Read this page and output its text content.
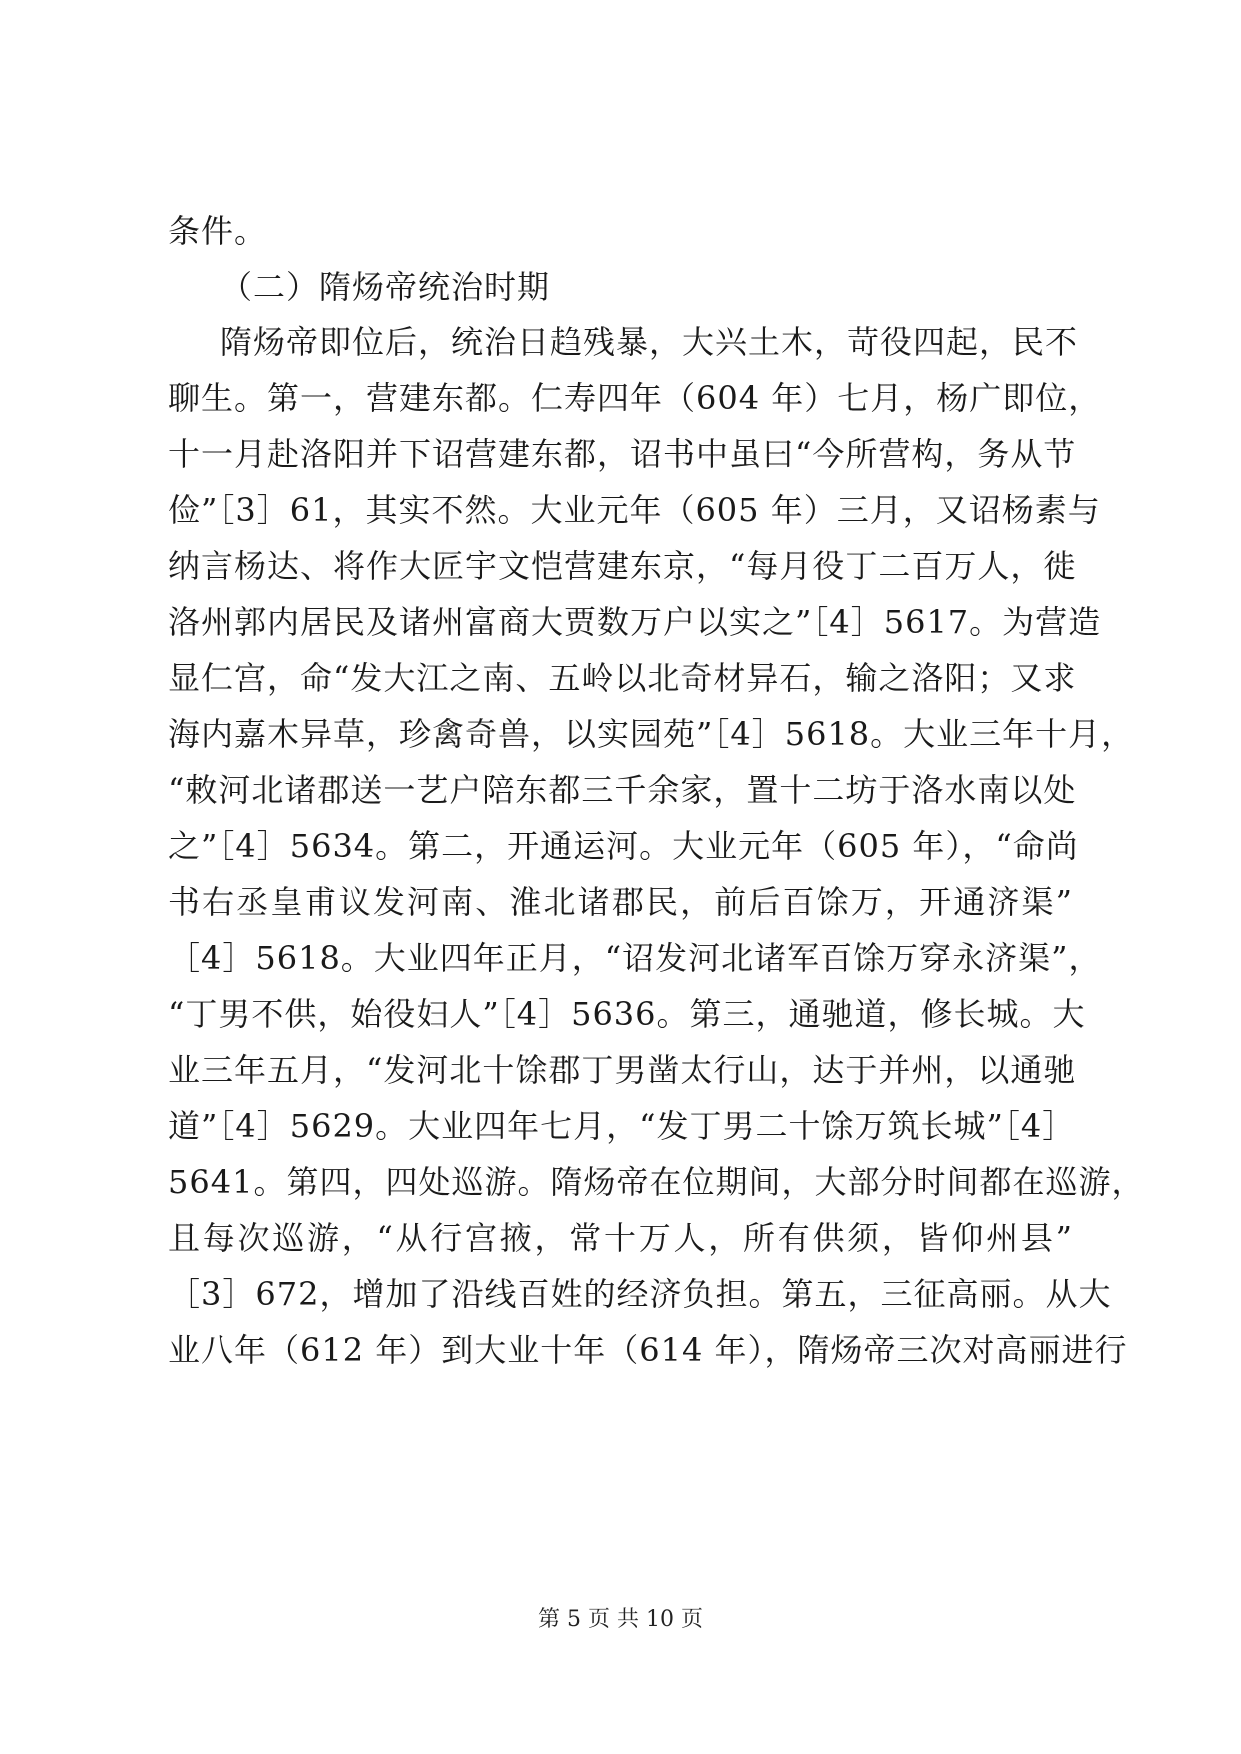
条件。
（二）隋炀帝统治时期
隋炀帝即位后，统治日趋残暴，大兴土木，苛役四起，民不
聊生。第一，营建东都。仁寿四年（604 年）七月，杨广即位，
十一月赴洛阳并下诏营建东都，诏书中虽曰“今所营构，务从节
俭”［3］61，其实不然。大业元年（605 年）三月，又诏杨素与
纳言杨达、将作大匠宇文恺营建东京，“每月役丁二百万人，徙
洛州郭内居民及诸州富商大贾数万户以实之”［4］5617。为营造
显仁宫，命“发大江之南、五岭以北奇材异石，输之洛阳；又求
海内嘉木异草，珍禽奇兽，以实园苑”［4］5618。大业三年十月，
“敕河北诸郡送一艺户陪东都三千余家，置十二坊于洛水南以处
之”［4］5634。第二，开通运河。大业元年（605 年），“命尚
书右丞皇甫议发河南、淮北诸郡民，前后百馀万，开通济渠”
［4］5618。大业四年正月，“诏发河北诸军百馀万穿永济渠”，
“丁男不供，始役妇人”［4］5636。第三，通驰道，修长城。大
业三年五月，“发河北十馀郡丁男凿太行山，达于并州，以通驰
道”［4］5629。大业四年七月，“发丁男二十馀万筑长城”［4］
5641。第四，四处巡游。隋炀帝在位期间，大部分时间都在巡游，
且每次巡游，“从行宫掖，常十万人，所有供须，皆仰州县”
［3］672，增加了沿线百姓的经济负担。第五，三征高丽。从大
业八年（612 年）到大业十年（614 年），隋炀帝三次对高丽进行
第 5 页 共 10 页
